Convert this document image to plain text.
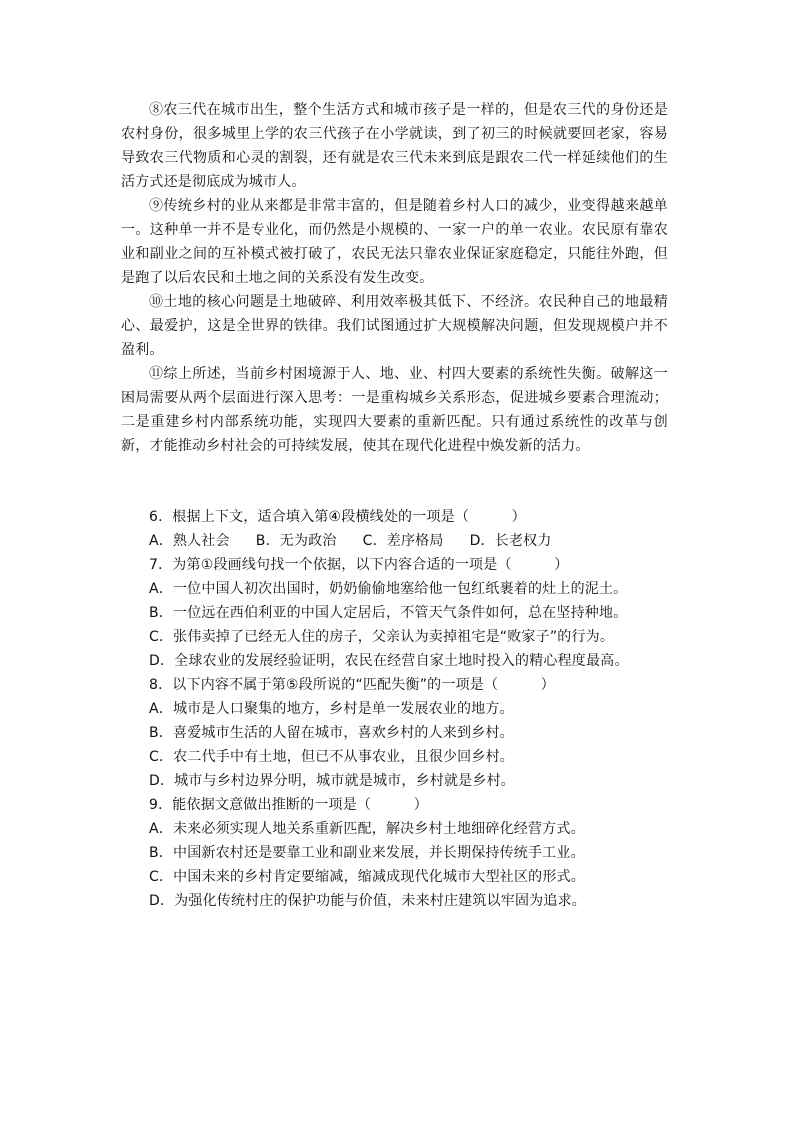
⑧农三代在城市出生，整个生活方式和城市孩子是一样的，但是农三代的身份还是农村身份，很多城里上学的农三代孩子在小学就读，到了初三的时候就要回老家，容易导致农三代物质和心灵的割裂，还有就是农三代未来到底是跟农二代一样延续他们的生活方式还是彻底成为城市人。

⑨传统乡村的业从来都是非常丰富的，但是随着乡村人口的减少，业变得越来越单一。这种单一并不是专业化，而仍然是小规模的、一家一户的单一农业。农民原有靠农业和副业之间的互补模式被打破了，农民无法只靠农业保证家庭稳定，只能往外跑，但是跑了以后农民和土地之间的关系没有发生改变。

⑩土地的核心问题是土地破碎、利用效率极其低下、不经济。农民种自己的地最精心、最爱护，这是全世界的铁律。我们试图通过扩大规模解决问题，但发现规模户并不盈利。

⑪综上所述，当前乡村困境源于人、地、业、村四大要素的系统性失衡。破解这一困局需要从两个层面进行深入思考：一是重构城乡关系形态，促进城乡要素合理流动；二是重建乡村内部系统功能，实现四大要素的重新匹配。只有通过系统性的改革与创新，才能推动乡村社会的可持续发展，使其在现代化进程中焕发新的活力。

6．根据上下文，适合填入第④段横线处的一项是（　　　）

A．熟人社会 B．无为政治 C．差序格局 D．长老权力

7．为第①段画线句找一个依据，以下内容合适的一项是（　　　）

A．一位中国人初次出国时，奶奶偷偷地塞给他一包红纸裹着的灶上的泥土。

B．一位远在西伯利亚的中国人定居后，不管天气条件如何，总在坚持种地。

C．张伟卖掉了已经无人住的房子，父亲认为卖掉祖宅是“败家子”的行为。

D．全球农业的发展经验证明，农民在经营自家土地时投入的精心程度最高。

8．以下内容不属于第⑤段所说的“匹配失衡”的一项是（　　　）

A．城市是人口聚集的地方，乡村是单一发展农业的地方。

B．喜爱城市生活的人留在城市，喜欢乡村的人来到乡村。

C．农二代手中有土地，但已不从事农业，且很少回乡村。

D．城市与乡村边界分明，城市就是城市，乡村就是乡村。

9．能依据文意做出推断的一项是（　　　）

A．未来必须实现人地关系重新匹配，解决乡村土地细碎化经营方式。

B．中国新农村还是要靠工业和副业来发展，并长期保持传统手工业。

C．中国未来的乡村肯定要缩减，缩减成现代化城市大型社区的形式。

D．为强化传统村庄的保护功能与价值，未来村庄建筑以牢固为追求。
